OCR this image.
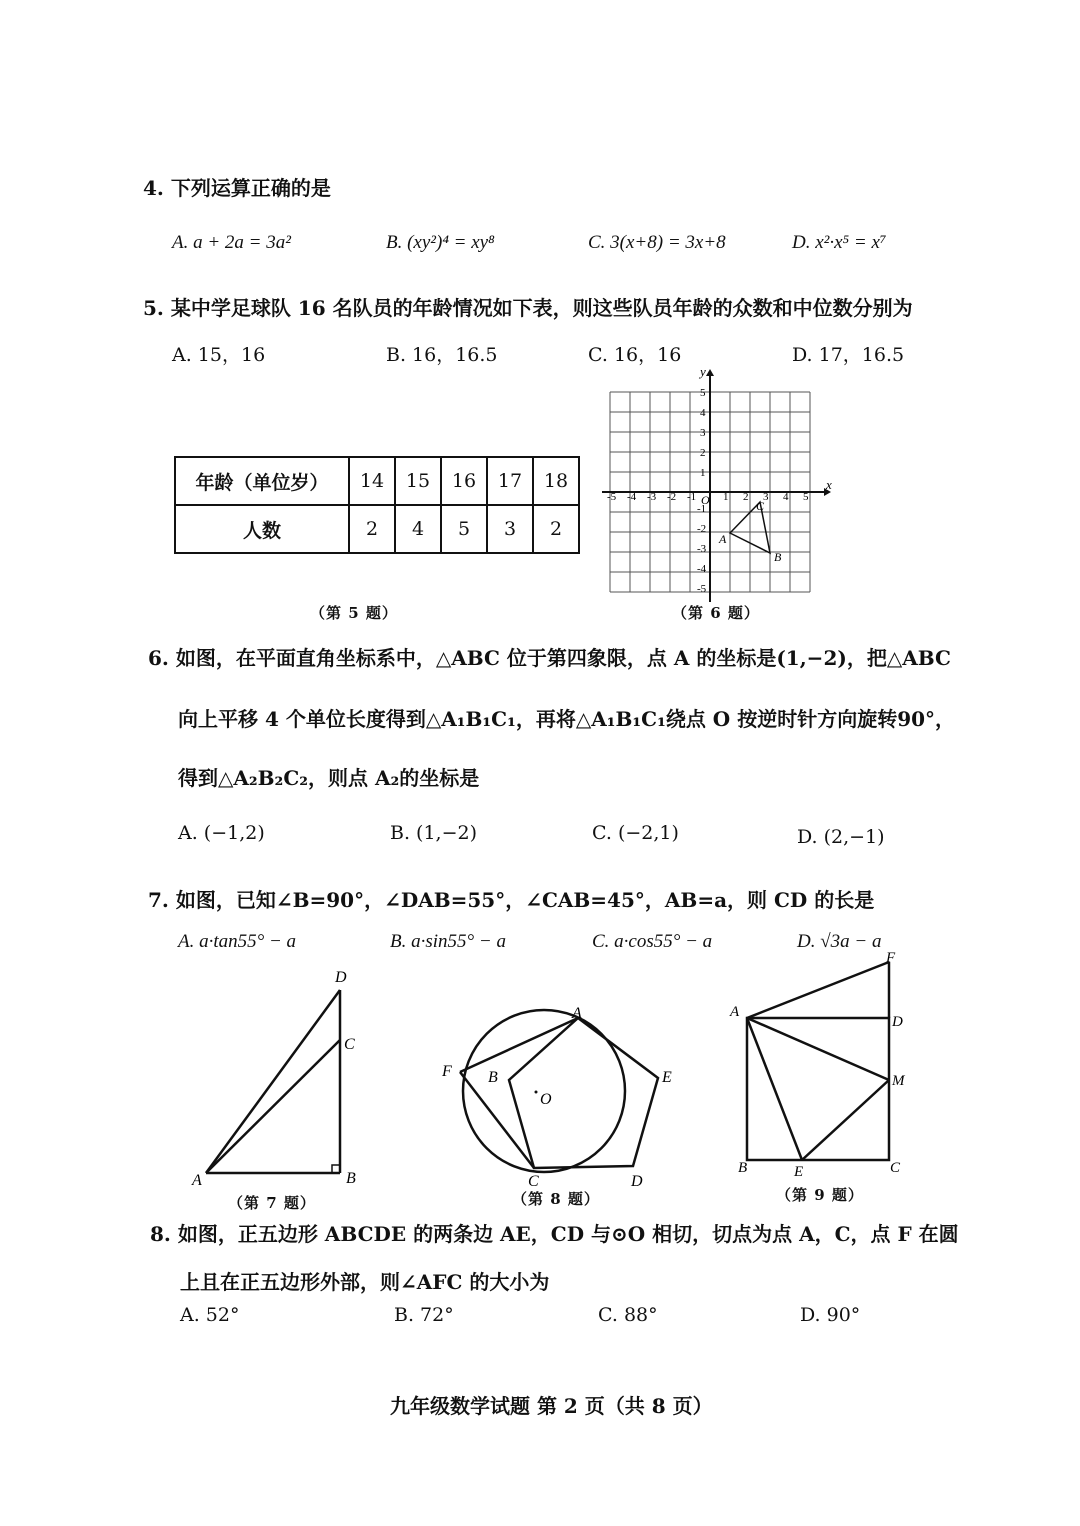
4. 下列运算正确的是
A. a + 2a = 3a²	B. (xy²)⁴ = xy⁸	C. 3(x+8) = 3x+8	D. x²·x⁵ = x⁷
5. 某中学足球队 16 名队员的年龄情况如下表，则这些队员年龄的众数和中位数分别为
A. 15，16	B. 16，16.5	C. 16，16	D. 17，16.5
年龄（单位岁）	14	15	16	17	18
人数	2	4	5	3	2
（第 5 题）
x
y
O
-5 -4 -3 -2 -1 1 2 3 4 5
5
4
3
2
1
-1
-2
-3
-4
-5
A
B
C
（第 6 题）
6. 如图，在平面直角坐标系中，△ABC 位于第四象限，点 A 的坐标是(1,−2)，把△ABC
向上平移 4 个单位长度得到△A₁B₁C₁，再将△A₁B₁C₁绕点 O 按逆时针方向旋转90°，
得到△A₂B₂C₂，则点 A₂的坐标是
A. (−1,2)	B. (1,−2)	C. (−2,1)	D. (2,−1)
7. 如图，已知∠B=90°，∠DAB=55°，∠CAB=45°，AB=a，则 CD 的长是
A. a·tan55° − a	B. a·sin55° − a	C. a·cos55° − a	D. √3a − a
D
C
A	B
（第 7 题）
A
B
C	D
E
F
O
（第 8 题）
F
A
D
M
B	E	C
（第 9 题）
8. 如图，正五边形 ABCDE 的两条边 AE，CD 与⊙O 相切，切点为点 A，C，点 F 在圆
上且在正五边形外部，则∠AFC 的大小为
A. 52°	B. 72°	C. 88°	D. 90°
九年级数学试题 第 2 页（共 8 页）
